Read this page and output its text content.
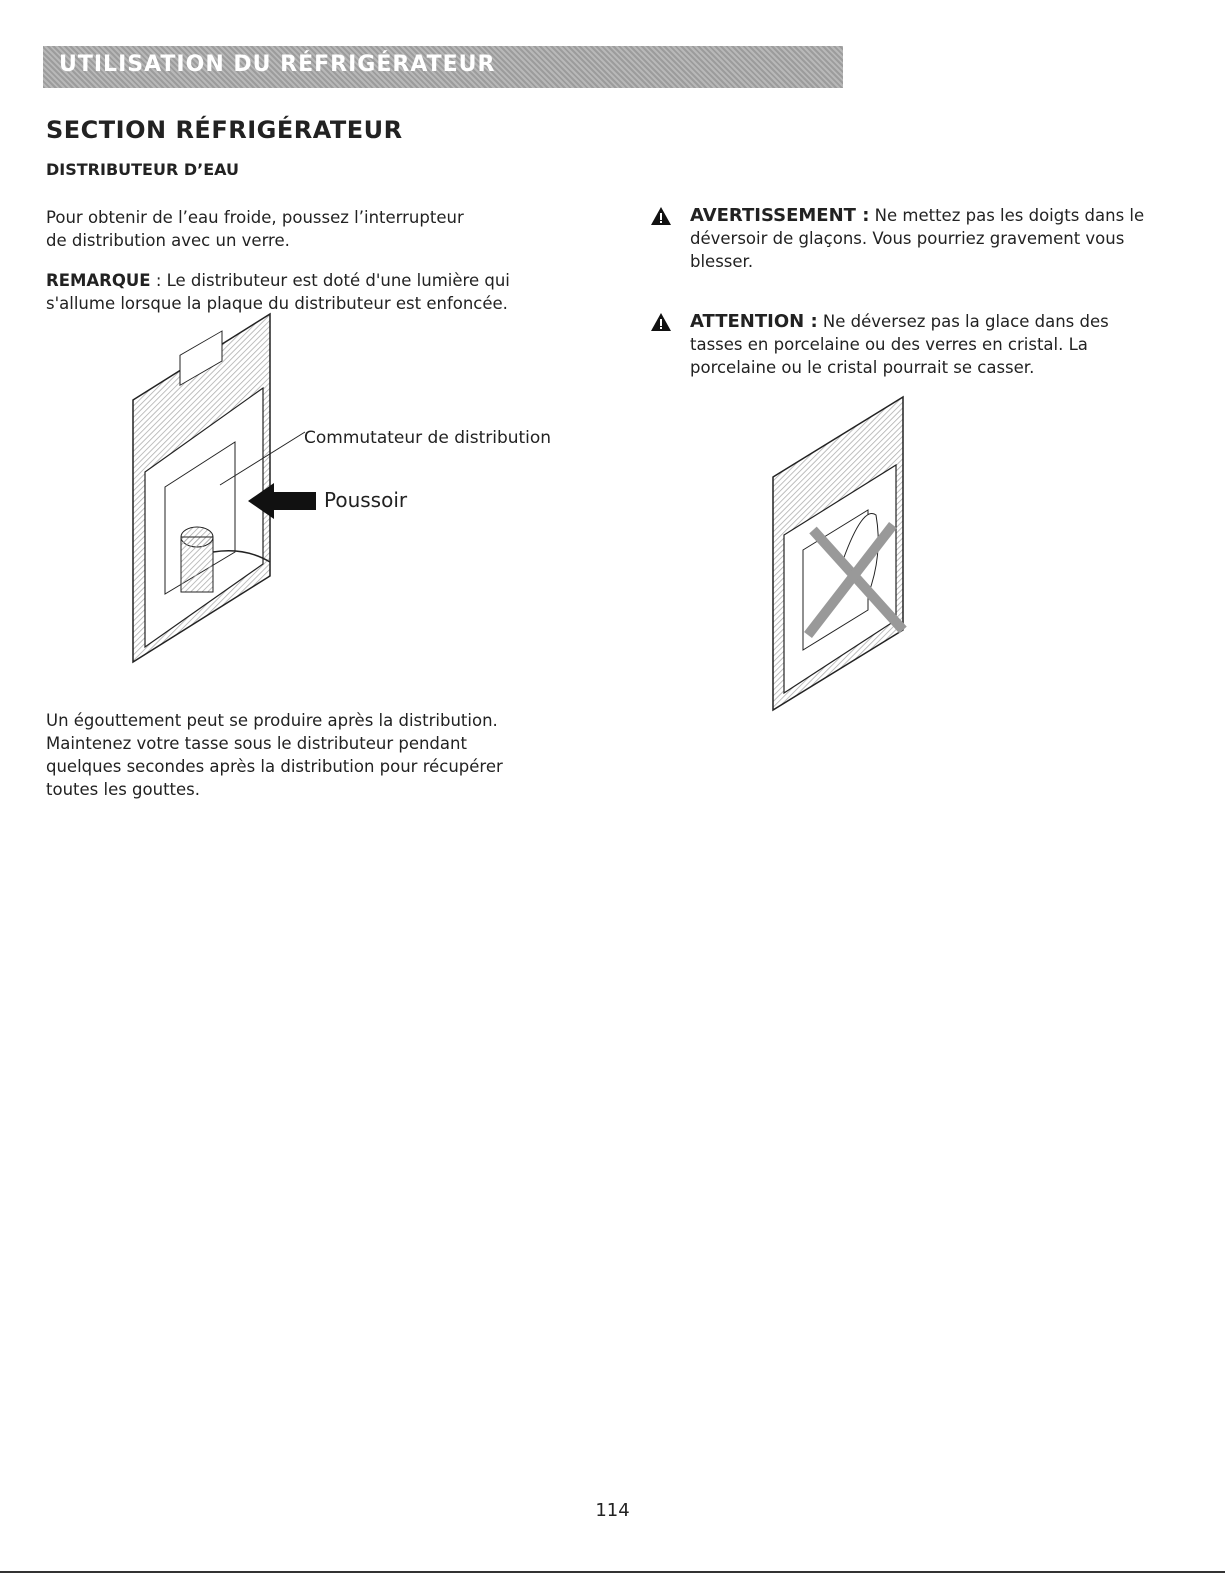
UTILISATION DU RÉFRIGÉRATEUR
SECTION RÉFRIGÉRATEUR
DISTRIBUTEUR D’EAU
Pour obtenir de l’eau froide, poussez l’interrupteur
de distribution avec un verre.
REMARQUE : Le distributeur est doté d'une lumière qui
s'allume lorsque la plaque du distributeur est enfoncée.
Commutateur de distribution
Poussoir
Un égouttement peut se produire après la distribution.
Maintenez votre tasse sous le distributeur pendant
quelques secondes après la distribution pour récupérer
toutes les gouttes.
AVERTISSEMENT : Ne mettez pas les doigts dans le
déversoir de glaçons. Vous pourriez gravement vous
blesser.
ATTENTION : Ne déversez pas la glace dans des
tasses en porcelaine ou des verres en cristal. La
porcelaine ou le cristal pourrait se casser.
114
